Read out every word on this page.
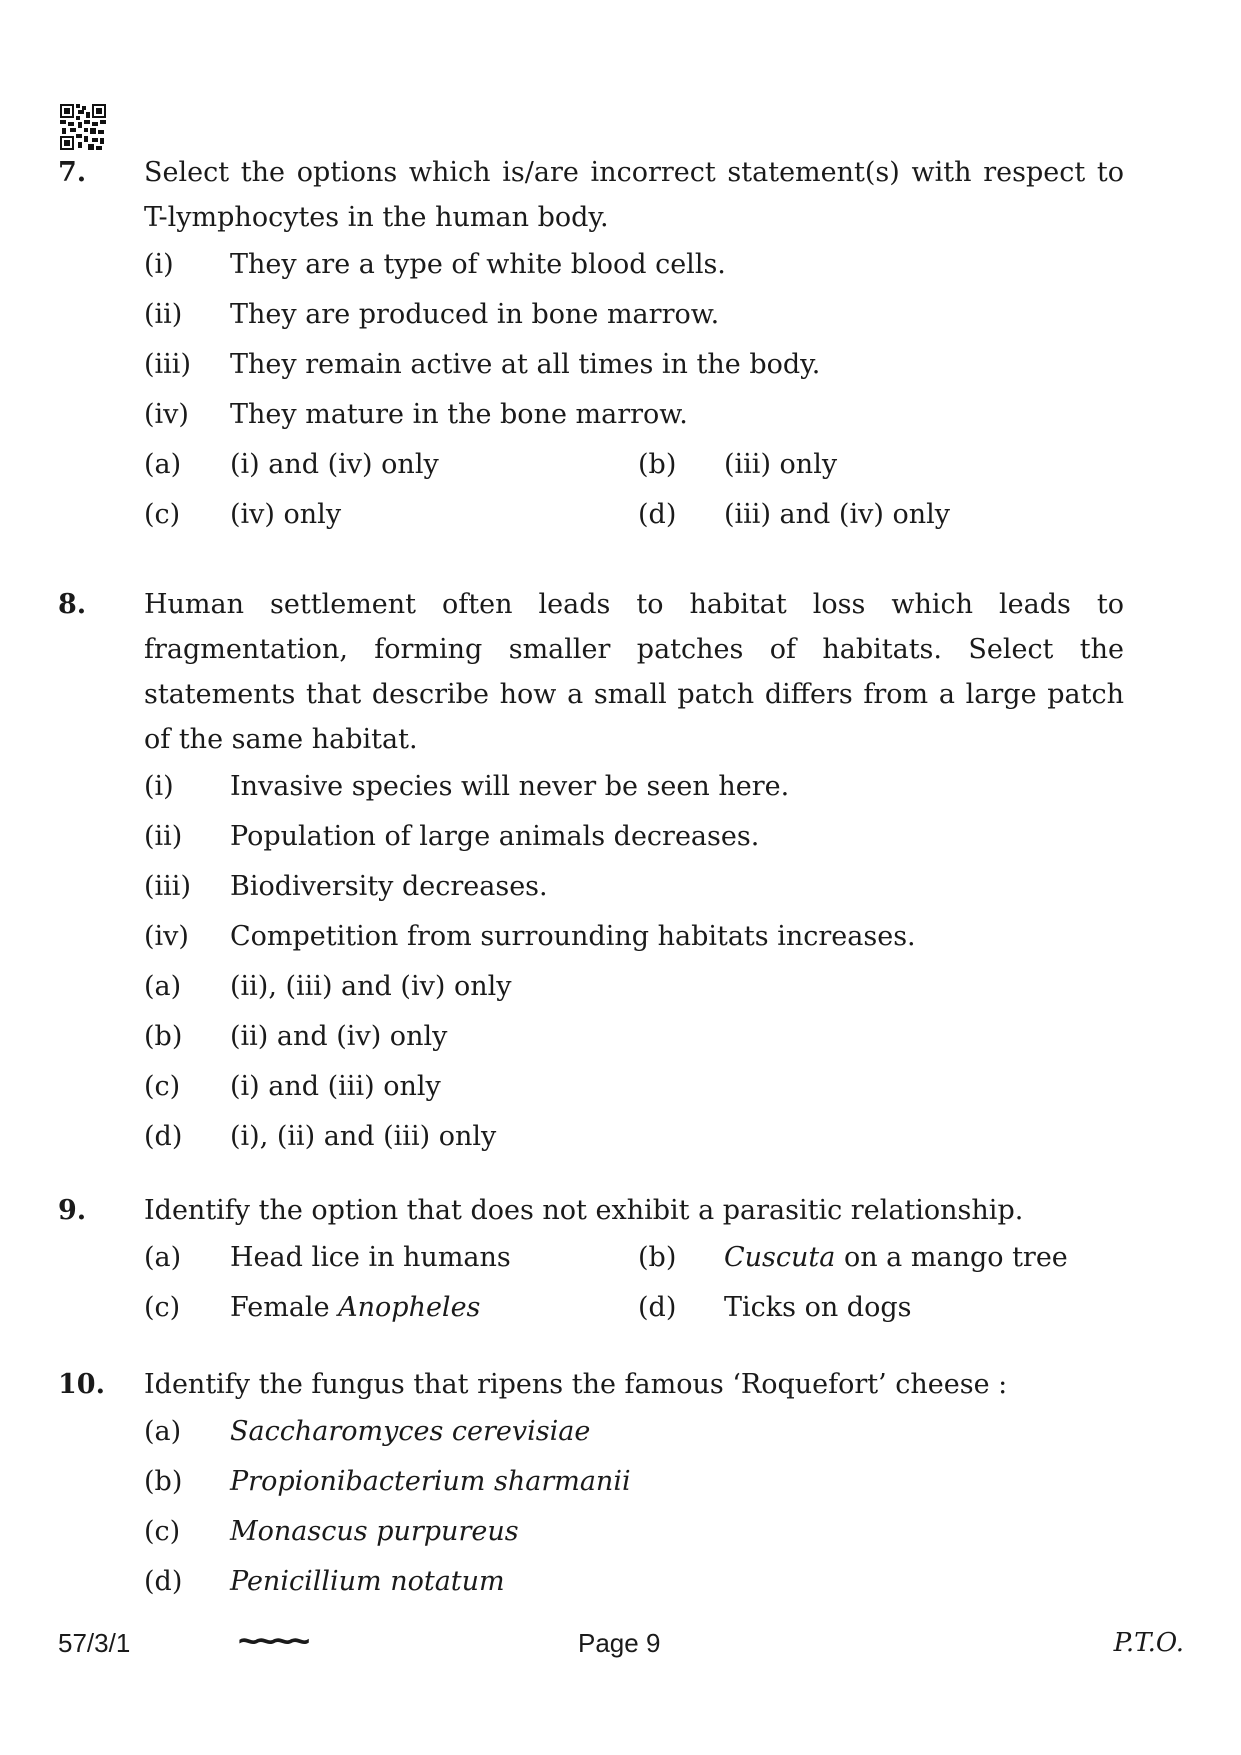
7. Select the options which is/are incorrect statement(s) with respect to T-lymphocytes in the human body.
(i) They are a type of white blood cells.
(ii) They are produced in bone marrow.
(iii) They remain active at all times in the body.
(iv) They mature in the bone marrow.
(a) (i) and (iv) only	(b) (iii) only
(c) (iv) only	(d) (iii) and (iv) only
8. Human settlement often leads to habitat loss which leads to fragmentation, forming smaller patches of habitats. Select the statements that describe how a small patch differs from a large patch of the same habitat.
(i) Invasive species will never be seen here.
(ii) Population of large animals decreases.
(iii) Biodiversity decreases.
(iv) Competition from surrounding habitats increases.
(a) (ii), (iii) and (iv) only
(b) (ii) and (iv) only
(c) (i) and (iii) only
(d) (i), (ii) and (iii) only
9. Identify the option that does not exhibit a parasitic relationship.
(a) Head lice in humans	(b) Cuscuta on a mango tree
(c) Female Anopheles	(d) Ticks on dogs
10. Identify the fungus that ripens the famous ‘Roquefort’ cheese :
(a) Saccharomyces cerevisiae
(b) Propionibacterium sharmanii
(c) Monascus purpureus
(d) Penicillium notatum
57/3/1	~~~~	Page 9	P.T.O.
